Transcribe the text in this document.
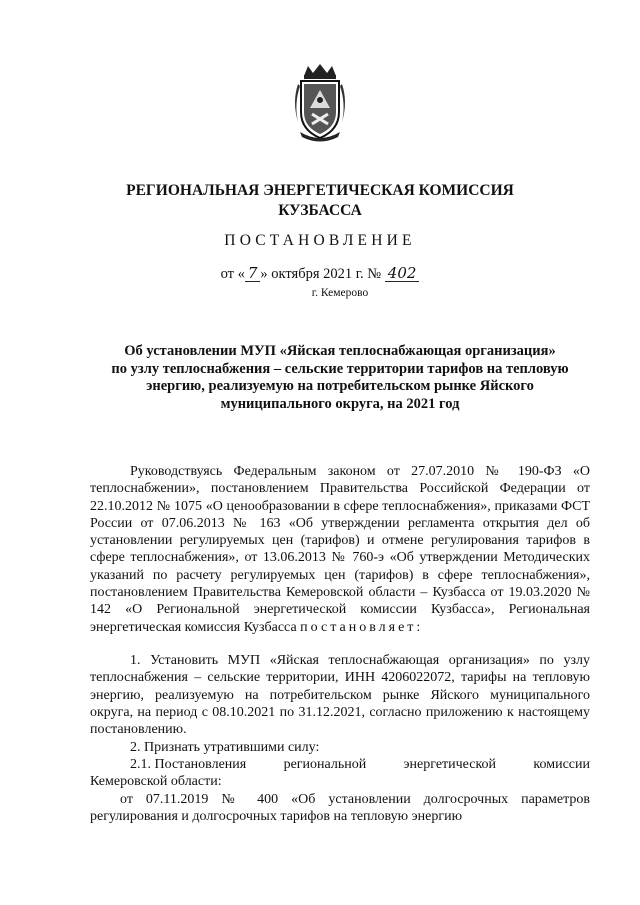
РЕГИОНАЛЬНАЯ ЭНЕРГЕТИЧЕСКАЯ КОМИССИЯ
КУЗБАССА
ПОСТАНОВЛЕНИЕ
от « 7 » октября 2021 г. № 402
г. Кемерово
Об установлении МУП «Яйская теплоснабжающая организация»
по узлу теплоснабжения – сельские территории тарифов на тепловую
энергию, реализуемую на потребительском рынке Яйского
муниципального округа, на 2021 год

Руководствуясь Федеральным законом от 27.07.2010 № 190-ФЗ «О теплоснабжении», постановлением Правительства Российской Федерации от 22.10.2012 № 1075 «О ценообразовании в сфере теплоснабжения», приказами ФСТ России от 07.06.2013 № 163 «Об утверждении регламента открытия дел об установлении регулируемых цен (тарифов) и отмене регулирования тарифов в сфере теплоснабжения», от 13.06.2013 № 760-э «Об утверждении Методических указаний по расчету регулируемых цен (тарифов) в сфере теплоснабжения», постановлением Правительства Кемеровской области – Кузбасса от 19.03.2020 № 142 «О Региональной энергетической комиссии Кузбасса», Региональная энергетическая комиссия Кузбасса постановляет:

1. Установить МУП «Яйская теплоснабжающая организация» по узлу теплоснабжения – сельские территории, ИНН 4206022072, тарифы на тепловую энергию, реализуемую на потребительском рынке Яйского муниципального округа, на период с 08.10.2021 по 31.12.2021, согласно приложению к настоящему постановлению.

2. Признать утратившими силу:

2.1. Постановления	региональной	энергетической	комиссии
Кемеровской области:

от 07.11.2019 № 400 «Об установлении долгосрочных параметров регулирования и долгосрочных тарифов на тепловую энергию
